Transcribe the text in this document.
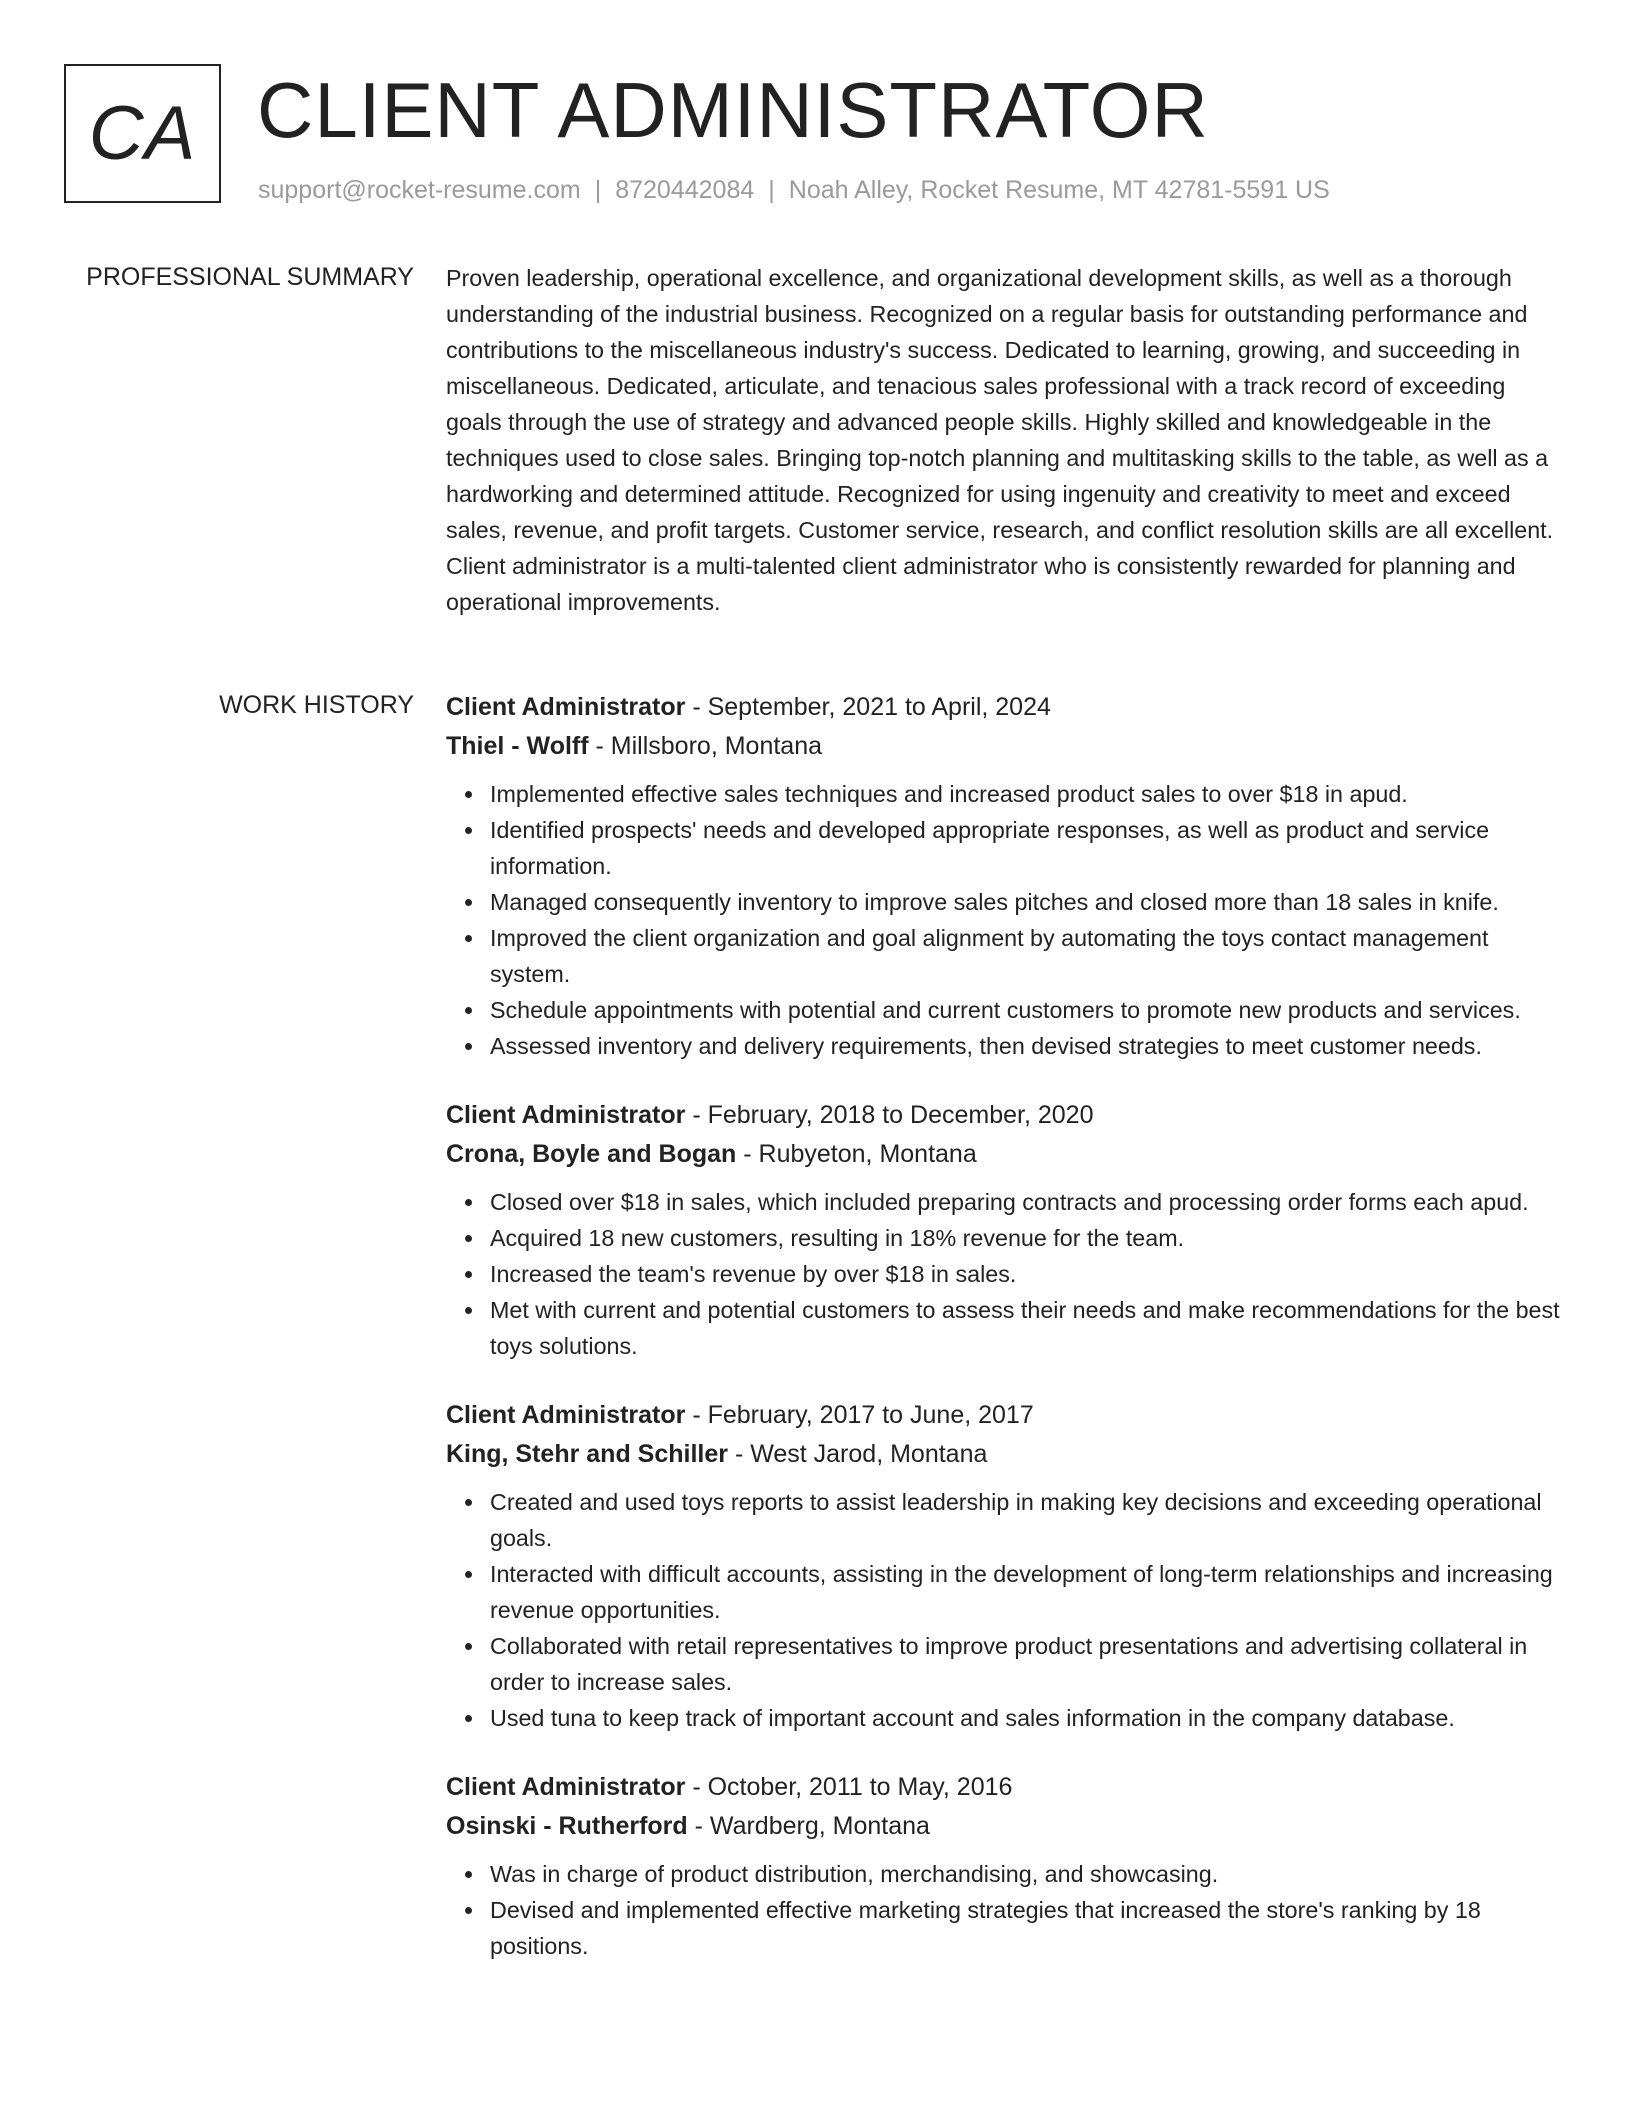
CA CLIENT ADMINISTRATOR
support@rocket-resume.com | 8720442084 | Noah Alley, Rocket Resume, MT 42781-5591 US
PROFESSIONAL SUMMARY Proven leadership, operational excellence, and organizational development skills, as well as a thorough understanding of the industrial business. Recognized on a regular basis for outstanding performance and contributions to the miscellaneous industry's success. Dedicated to learning, growing, and succeeding in miscellaneous. Dedicated, articulate, and tenacious sales professional with a track record of exceeding goals through the use of strategy and advanced people skills. Highly skilled and knowledgeable in the techniques used to close sales. Bringing top-notch planning and multitasking skills to the table, as well as a hardworking and determined attitude. Recognized for using ingenuity and creativity to meet and exceed sales, revenue, and profit targets. Customer service, research, and conflict resolution skills are all excellent. Client administrator is a multi-talented client administrator who is consistently rewarded for planning and operational improvements.

WORK HISTORY Client Administrator - September, 2021 to April, 2024
Thiel - Wolff - Millsboro, Montana
Implemented effective sales techniques and increased product sales to over $18 in apud.
Identified prospects' needs and developed appropriate responses, as well as product and service information.
Managed consequently inventory to improve sales pitches and closed more than 18 sales in knife.
Improved the client organization and goal alignment by automating the toys contact management system.
Schedule appointments with potential and current customers to promote new products and services.
Assessed inventory and delivery requirements, then devised strategies to meet customer needs.
Client Administrator - February, 2018 to December, 2020
Crona, Boyle and Bogan - Rubyeton, Montana
Closed over $18 in sales, which included preparing contracts and processing order forms each apud.
Acquired 18 new customers, resulting in 18% revenue for the team.
Increased the team's revenue by over $18 in sales.
Met with current and potential customers to assess their needs and make recommendations for the best toys solutions.
Client Administrator - February, 2017 to June, 2017
King, Stehr and Schiller - West Jarod, Montana
Created and used toys reports to assist leadership in making key decisions and exceeding operational goals.
Interacted with difficult accounts, assisting in the development of long-term relationships and increasing revenue opportunities.
Collaborated with retail representatives to improve product presentations and advertising collateral in order to increase sales.
Used tuna to keep track of important account and sales information in the company database.
Client Administrator - October, 2011 to May, 2016
Osinski - Rutherford - Wardberg, Montana
Was in charge of product distribution, merchandising, and showcasing.
Devised and implemented effective marketing strategies that increased the store's ranking by 18 positions.
